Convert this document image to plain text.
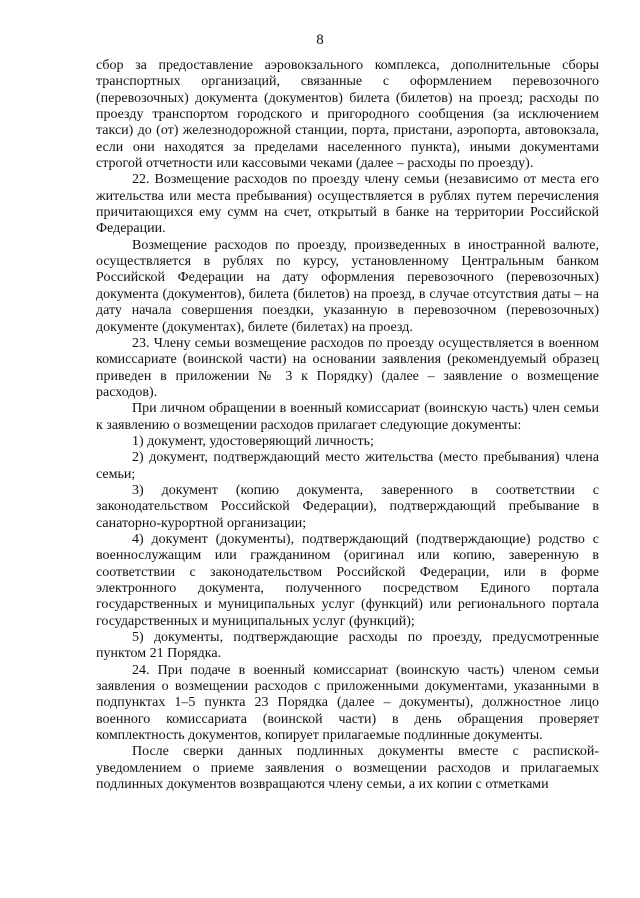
8

сбор за предоставление аэровокзального комплекса, дополнительные сборы транспортных организаций, связанные с оформлением перевозочного (перевозочных) документа (документов) билета (билетов) на проезд; расходы по проезду транспортом городского и пригородного сообщения (за исключением такси) до (от) железнодорожной станции, порта, пристани, аэропорта, автовокзала, если они находятся за пределами населенного пункта), иными документами строгой отчетности или кассовыми чеками (далее – расходы по проезду).

22. Возмещение расходов по проезду члену семьи (независимо от места его жительства или места пребывания) осуществляется в рублях путем перечисления причитающихся ему сумм на счет, открытый в банке на территории Российской Федерации.

Возмещение расходов по проезду, произведенных в иностранной валюте, осуществляется в рублях по курсу, установленному Центральным банком Российской Федерации на дату оформления перевозочного (перевозочных) документа (документов), билета (билетов) на проезд, в случае отсутствия даты – на дату начала совершения поездки, указанную в перевозочном (перевозочных) документе (документах), билете (билетах) на проезд.

23. Члену семьи возмещение расходов по проезду осуществляется в военном комиссариате (воинской части) на основании заявления (рекомендуемый образец приведен в приложении № 3 к Порядку) (далее – заявление о возмещение расходов).

При личном обращении в военный комиссариат (воинскую часть) член семьи к заявлению о возмещении расходов прилагает следующие документы:

1) документ, удостоверяющий личность;

2) документ, подтверждающий место жительства (место пребывания) члена семьи;

3) документ (копию документа, заверенного в соответствии с законодательством Российской Федерации), подтверждающий пребывание в санаторно-курортной организации;

4) документ (документы), подтверждающий (подтверждающие) родство с военнослужащим или гражданином (оригинал или копию, заверенную в соответствии с законодательством Российской Федерации, или в форме электронного документа, полученного посредством Единого портала государственных и муниципальных услуг (функций) или регионального портала государственных и муниципальных услуг (функций);

5) документы, подтверждающие расходы по проезду, предусмотренные пунктом 21 Порядка.

24. При подаче в военный комиссариат (воинскую часть) членом семьи заявления о возмещении расходов с приложенными документами, указанными в подпунктах 1–5 пункта 23 Порядка (далее – документы), должностное лицо военного комиссариата (воинской части) в день обращения проверяет комплектность документов, копирует прилагаемые подлинные документы.

После сверки данных подлинных документы вместе с распиской-уведомлением о приеме заявления о возмещении расходов и прилагаемых подлинных документов возвращаются члену семьи, а их копии с отметками
